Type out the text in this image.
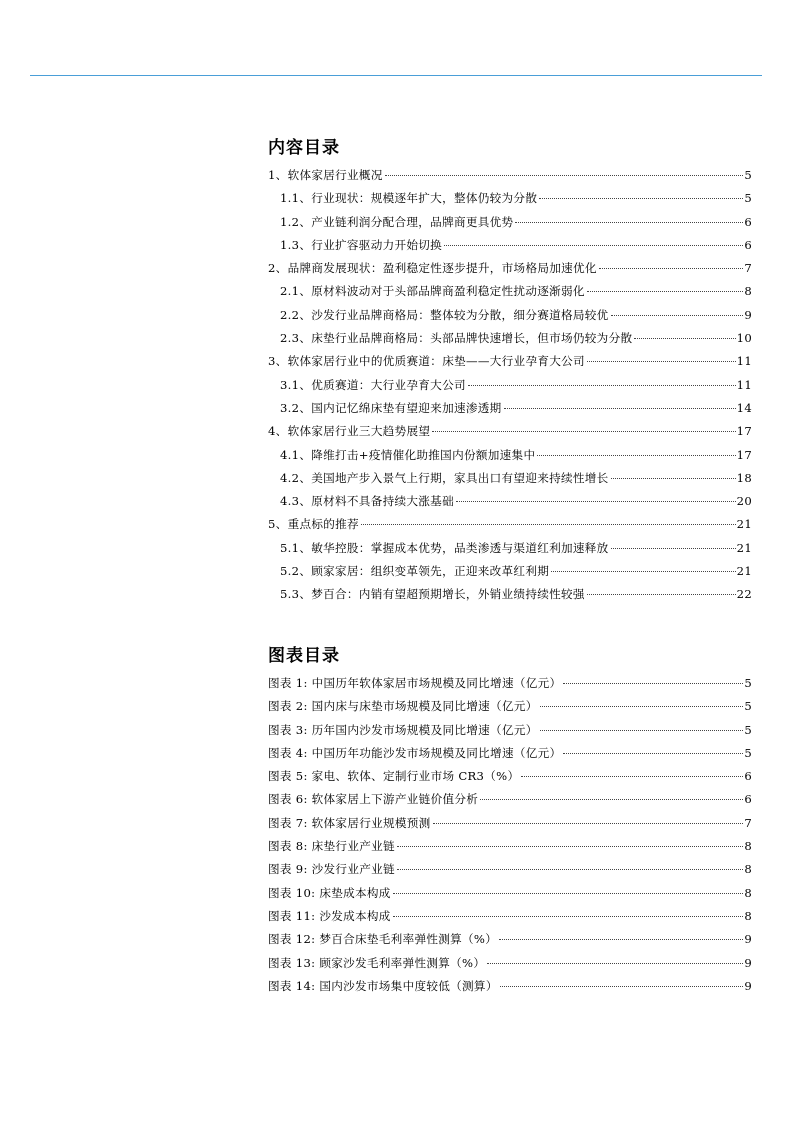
内容目录
1、软体家居行业概况	5
1.1、行业现状：规模逐年扩大，整体仍较为分散	5
1.2、产业链利润分配合理，品牌商更具优势	6
1.3、行业扩容驱动力开始切换	6
2、品牌商发展现状：盈利稳定性逐步提升，市场格局加速优化	7
2.1、原材料波动对于头部品牌商盈利稳定性扰动逐渐弱化	8
2.2、沙发行业品牌商格局：整体较为分散，细分赛道格局较优	9
2.3、床垫行业品牌商格局：头部品牌快速增长，但市场仍较为分散	10
3、软体家居行业中的优质赛道：床垫——大行业孕育大公司	11
3.1、优质赛道：大行业孕育大公司	11
3.2、国内记忆绵床垫有望迎来加速渗透期	14
4、软体家居行业三大趋势展望	17
4.1、降维打击+疫情催化助推国内份额加速集中	17
4.2、美国地产步入景气上行期，家具出口有望迎来持续性增长	18
4.3、原材料不具备持续大涨基础	20
5、重点标的推荐	21
5.1、敏华控股：掌握成本优势，品类渗透与渠道红利加速释放	21
5.2、顾家家居：组织变革领先，正迎来改革红利期	21
5.3、梦百合：内销有望超预期增长，外销业绩持续性较强	22
图表目录
图表 1: 中国历年软体家居市场规模及同比增速（亿元）	5
图表 2: 国内床与床垫市场规模及同比增速（亿元）	5
图表 3: 历年国内沙发市场规模及同比增速（亿元）	5
图表 4: 中国历年功能沙发市场规模及同比增速（亿元）	5
图表 5: 家电、软体、定制行业市场 CR3（%）	6
图表 6: 软体家居上下游产业链价值分析	6
图表 7: 软体家居行业规模预测	7
图表 8: 床垫行业产业链	8
图表 9: 沙发行业产业链	8
图表 10: 床垫成本构成	8
图表 11: 沙发成本构成	8
图表 12: 梦百合床垫毛利率弹性测算（%）	9
图表 13: 顾家沙发毛利率弹性测算（%）	9
图表 14: 国内沙发市场集中度较低（测算）	9
